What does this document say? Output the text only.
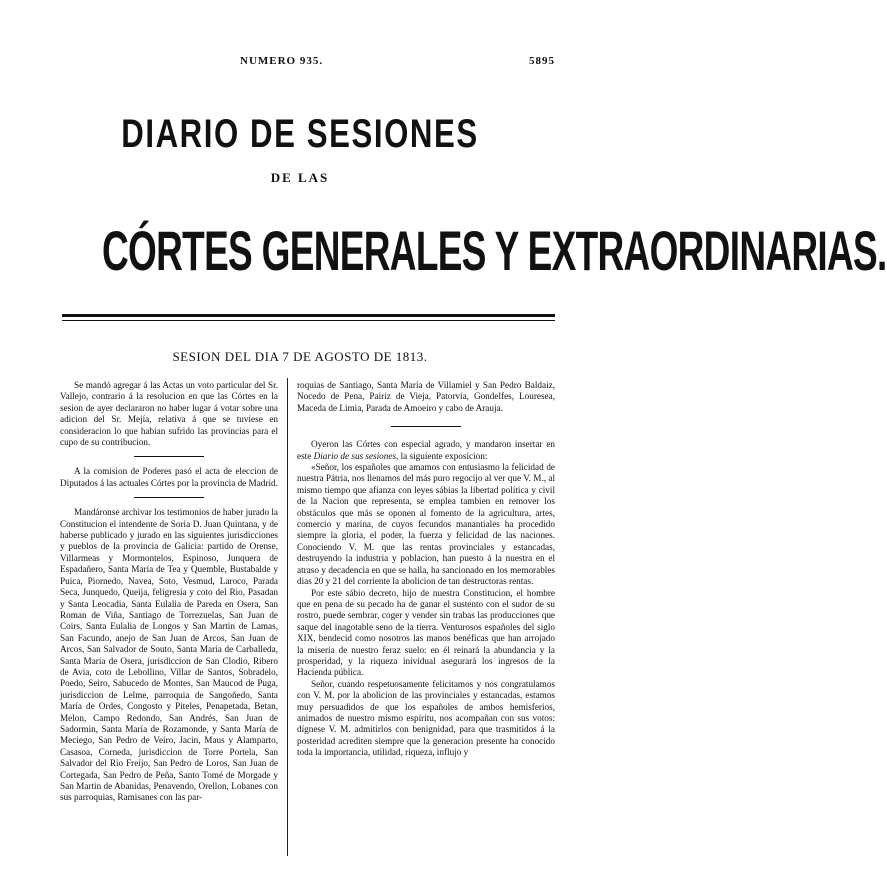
NUMERO 935.	5895
DIARIO DE SESIONES
DE LAS
CÓRTES GENERALES Y EXTRAORDINARIAS.
SESION DEL DIA 7 DE AGOSTO DE 1813.

Se mandó agregar á las Actas un voto particular del Sr. Vallejo, contrario á la resolucion en que las Córtes en la sesion de ayer declararon no haber lugar á votar sobre una adicion del Sr. Mejía, relativa á que se tuviese en consideracion lo que habian sufrido las provincias para el cupo de su contribucion.

A la comision de Poderes pasó el acta de eleccion de Diputados á las actuales Córtes por la provincia de Madrid.

Mandáronse archivar los testimonios de haber jurado la Constitucion el intendente de Soria D. Juan Quintana, y de haberse publicado y jurado en las siguientes jurisdicciones y pueblos de la provincia de Galicia: partido de Orense, Villarmeas y Mormontelos, Espinoso, Junquera de Espadañero, Santa María de Tea y Quemble, Bustabalde y Puica, Piornedo, Navea, Soto, Vesmud, Laroco, Parada Seca, Junquedo, Queija, feligresía y coto del Rio, Pasadan y Santa Leocadia, Santa Eulalia de Pareda en Osera, San Roman de Viña, Santiago de Torrezuelas, San Juan de Coirs, Santa Eulalia de Longos y San Martin de Lamas, San Facundo, anejo de San Juan de Arcos, San Juan de Arcos, San Salvador de Souto, Santa María de Carballeda, Santa María de Osera, jurisdiccion de San Clodio, Ribero de Avia, coto de Lebollino, Villar de Santos, Sobradelo, Poedo, Seiro, Sabucedo de Montes, San Maucod de Puga, jurisdiccion de Lelme, parroquia de Sangoñedo, Santa María de Ordes, Congosto y Piteles, Penapetada, Betan, Melon, Campo Redondo, San Andrés, San Juan de Sadormin, Santa María de Rozamonde, y Santa María de Meciego, San Pedro de Veiro, Jacin, Maus y Alamparto, Casasoa, Corneda, jurisdiccion de Torre Portela, San Salvador del Rio Freijo, San Pedro de Loros, San Juan de Cortegada, San Pedro de Peña, Santo Tomé de Morgade y San Martin de Abanidas, Penavendo, Orellon, Lobanes con sus parroquias, Ramisanes con las par-

roquias de Santiago, Santa María de Villamiel y San Pedro Baldaiz, Nocedo de Pena, Pairiz de Vieja, Patorvia, Gondelfes, Louresea, Maceda de Limia, Parada de Amoeiro y cabo de Arauja.

Oyeron las Córtes con especial agrado, y mandaron insertar en este Diario de sus sesiones, la siguiente exposicion:

«Señor, los españoles que amamos con entusiasmo la felicidad de nuestra Pátria, nos llenamos del más puro regocijo al ver que V. M., al mismo tiempo que afianza con leyes sábias la libertad política y civil de la Nacion que representa, se emplea tambien en remover los obstáculos que más se oponen al fomento de la agricultura, artes, comercio y marina, de cuyos fecundos manantiales ha procedido siempre la gloria, el poder, la fuerza y felicidad de las naciones. Conociendo V. M. que las rentas provinciales y estancadas, destruyendo la industria y poblacion, han puesto á la nuestra en el atraso y decadencia en que se halla, ha sancionado en los memorables dias 20 y 21 del corriente la abolicion de tan destructoras rentas.

Por este sábio decreto, hijo de nuestra Constitucion, el hombre que en pena de su pecado ha de ganar el sustento con el sudor de su rostro, puede sembrar, coger y vender sin trabas las producciones que saque del inagotable seno de la tierra. Venturosos españoles del siglo XIX, bendecid como nosotros las manos benéficas que han arrojado la miseria de nuestro feraz suelo: en él reinará la abundancia y la prosperidad, y la riqueza inividual asegurará los ingresos de la Hacienda pública.

Señor, cuando respetuosamente felicitamos y nos congratulamos con V. M. por la abolicion de las provinciales y estancadas, estamos muy persuadidos de que los españoles de ambos hemisferios, animados de nuestro mismo espíritu, nos acompañan con sus votos: dígnese V. M. admitirlos con benignidad, para que trasmitidos á la posteridad acrediten siempre que la generacion presente ha conocido toda la importancia, utilidad, riqueza, influjo y
